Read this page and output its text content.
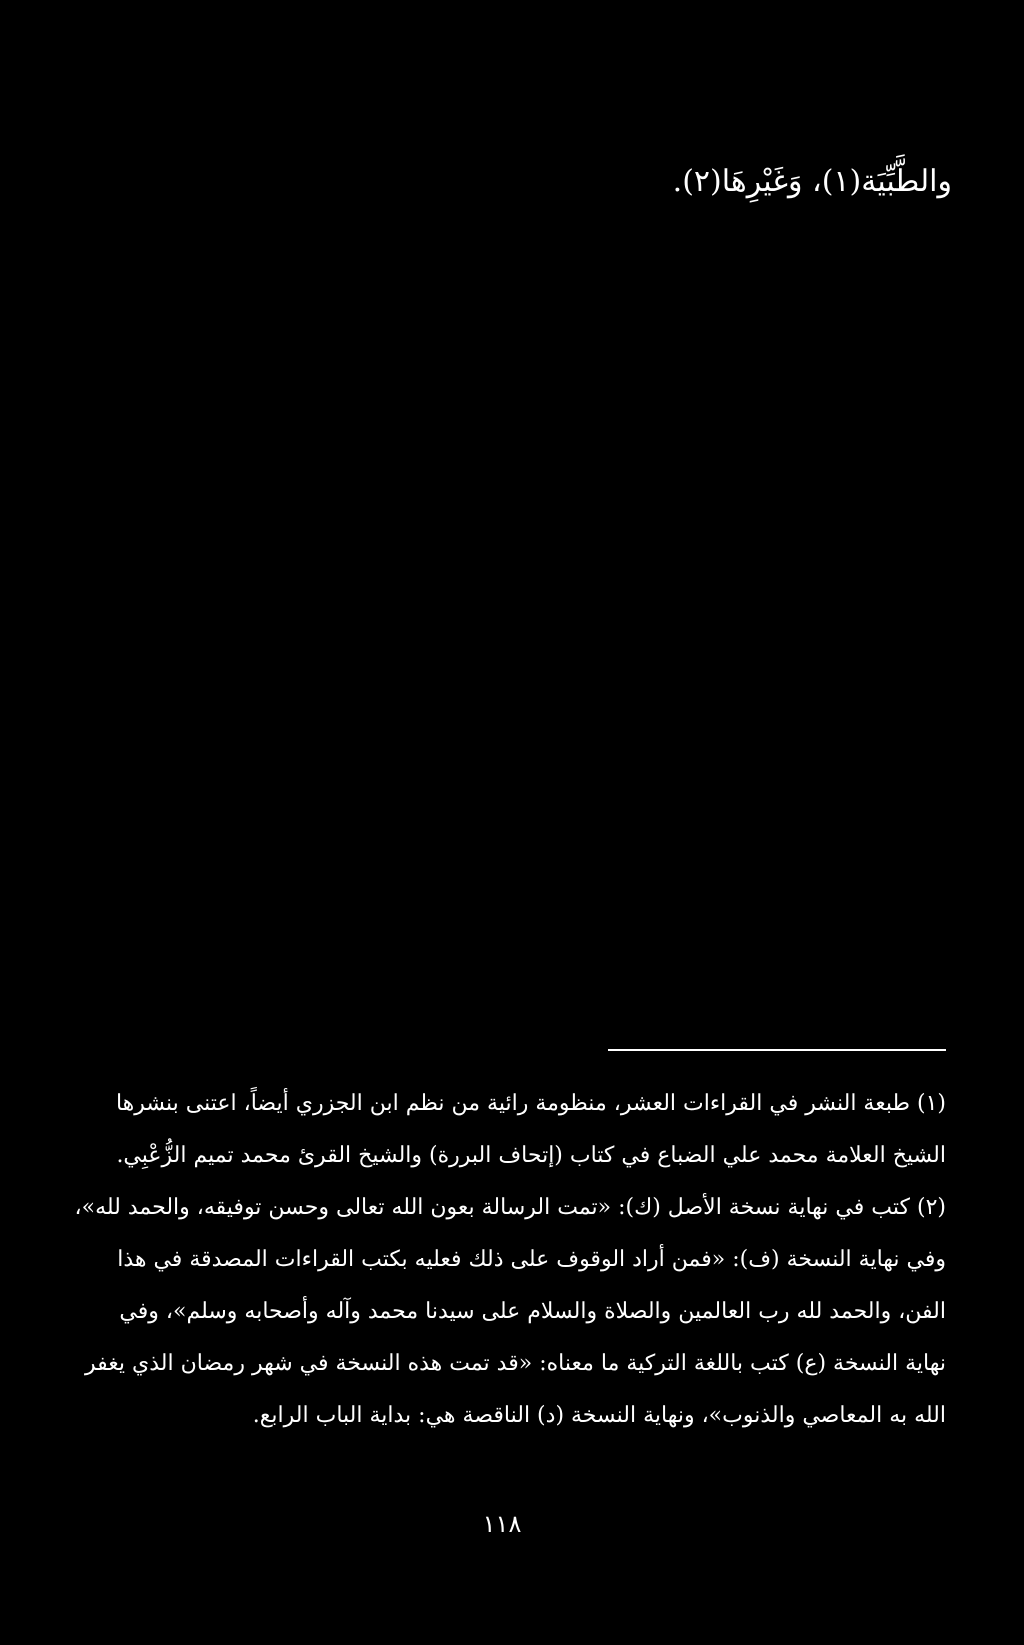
والطَّبِّيَة(١)، وَغَيْرِهَا(٢).

(١) طبعة النشر في القراءات العشر، منظومة رائية من نظم ابن الجزري أيضاً، اعتنى بنشرها الشيخ العلامة محمد علي الضباع في كتاب (إتحاف البررة) والشيخ القرئ محمد تميم الزُّعْبِي.

(٢) كتب في نهاية نسخة الأصل (ك): «تمت الرسالة بعون الله تعالى وحسن توفيقه، والحمد لله»، وفي نهاية النسخة (ف): «فمن أراد الوقوف على ذلك فعليه بكتب القراءات المصدقة في هذا الفن، والحمد لله رب العالمين والصلاة والسلام على سيدنا محمد وآله وأصحابه وسلم»، وفي نهاية النسخة (ع) كتب باللغة التركية ما معناه: «قد تمت هذه النسخة في شهر رمضان الذي يغفر الله به المعاصي والذنوب»، ونهاية النسخة (د) الناقصة هي: بداية الباب الرابع.

١١٨
